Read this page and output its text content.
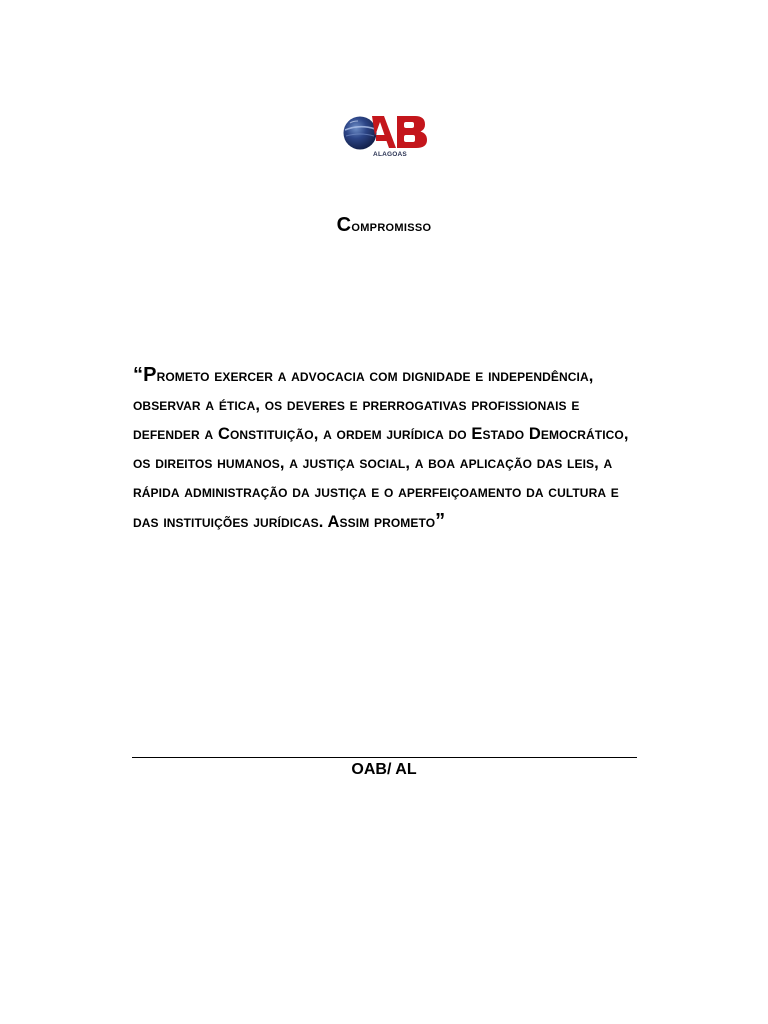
ALAGOAS
Compromisso

“Prometo exercer a advocacia com dignidade e independência, observar a ética, os deveres e prerrogativas profissionais e defender a Constituição, a ordem jurídica do Estado Democrático, os direitos humanos, a justiça social, a boa aplicação das leis, a rápida administração da justiça e o aperfeiçoamento da cultura e das instituições jurídicas. Assim prometo”

OAB/ AL
